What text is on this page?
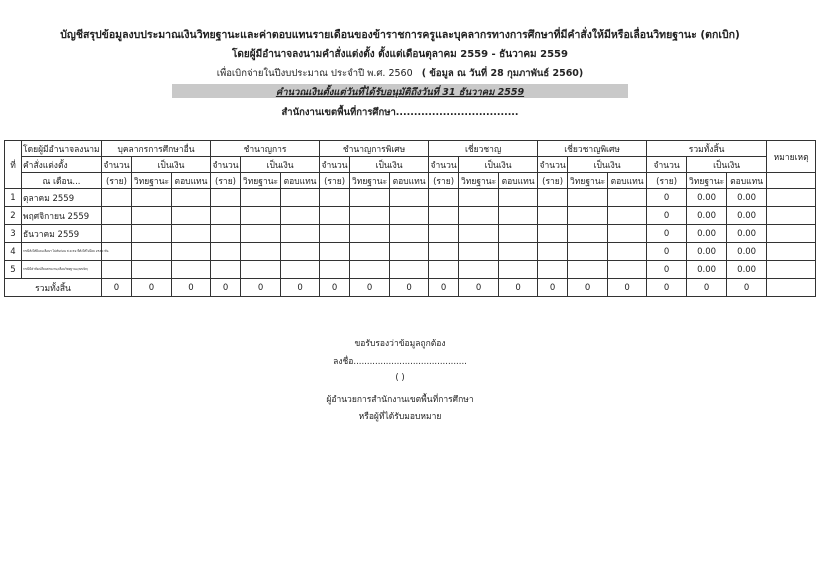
บัญชีสรุปข้อมูลงบประมาณเงินวิทยฐานะและค่าตอบแทนรายเดือนของข้าราชการครูและบุคลากรทางการศึกษาที่มีคำสั่งให้มีหรือเลื่อนวิทยฐานะ (ตกเบิก)
โดยผู้มีอำนาจลงนามคำสั่งแต่งตั้ง ตั้งแต่เดือนตุลาคม 2559 - ธันวาคม 2559
เพื่อเบิกจ่ายในปีงบประมาณ ประจำปี พ.ศ. 2560 ( ข้อมูล ณ วันที่ 28 กุมภาพันธ์ 2560)
คำนวณเงินตั้งแต่วันที่ได้รับอนุมัติถึงวันที่ 31 ธันวาคม 2559
สำนักงานเขตพื้นที่การศึกษา..................................
ที่	โดยผู้มีอำนาจลงนาม	บุคลากรการศึกษาอื่น			ชำนาญการ			ชำนาญการพิเศษ			เชี่ยวชาญ			เชี่ยวชาญพิเศษ			รวมทั้งสิ้น			หมายเหตุ
	คำสั่งแต่งตั้ง	จำนวน	เป็นเงิน		จำนวน	เป็นเงิน		จำนวน	เป็นเงิน		จำนวน	เป็นเงิน		จำนวน	เป็นเงิน		จำนวน	เป็นเงิน		
	ณ เดือน...	(ราย)	วิทยฐานะ	ตอบแทน	(ราย)	วิทยฐานะ	ตอบแทน	(ราย)	วิทยฐานะ	ตอบแทน	(ราย)	วิทยฐานะ	ตอบแทน	(ราย)	วิทยฐานะ	ตอบแทน	(ราย)	วิทยฐานะ	ตอบแทน	
1	ตุลาคม 2559																0	0.00	0.00	
2	พฤศจิกายน 2559																0	0.00	0.00	
3	ธันวาคม 2559																0	0.00	0.00	
4	กรณีสั่งให้มีและเลื่อนฯ ไม่ทันก่อน ส.ค.59 ที่สั่งให้ในปีงบ 2560 ทัน																0	0.00	0.00	
5	กรณีมีคำสั่งเปลี่ยนสายงาน/เลื่อนวิทยฐานะ(ตกเบิก)																0	0.00	0.00	
รวมทั้งสิ้น		0	0	0	0	0	0	0	0	0	0	0	0	0	0	0	0	0	0	
ขอรับรองว่าข้อมูลถูกต้อง
ลงชื่อ..........................................
( )
ผู้อำนวยการสำนักงานเขตพื้นที่การศึกษา
หรือผู้ที่ได้รับมอบหมาย
